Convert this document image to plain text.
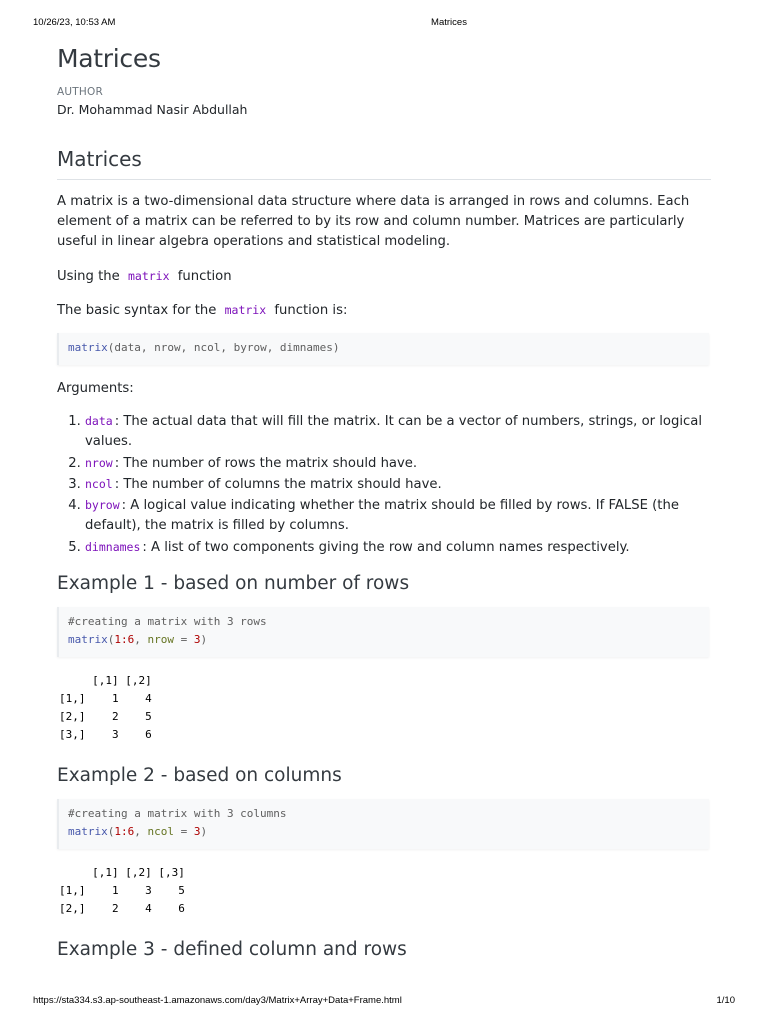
10/26/23, 10:53 AM	Matrices
Matrices
AUTHOR
Dr. Mohammad Nasir Abdullah
Matrices

A matrix is a two-dimensional data structure where data is arranged in rows and columns. Each element of a matrix can be referred to by its row and column number. Matrices are particularly useful in linear algebra operations and statistical modeling.

Using the matrix function

The basic syntax for the matrix function is:

matrix(data, nrow, ncol, byrow, dimnames)

Arguments:

1. data : The actual data that will fill the matrix. It can be a vector of numbers, strings, or logical values.
2. nrow : The number of rows the matrix should have.
3. ncol : The number of columns the matrix should have.
4. byrow : A logical value indicating whether the matrix should be filled by rows. If FALSE (the default), the matrix is filled by columns.
5. dimnames : A list of two components giving the row and column names respectively.
Example 1 - based on number of rows
#creating a matrix with 3 rows
matrix(1:6, nrow = 3)
[,1] [,2]
[1,]    1    4
[2,]    2    5
[3,]    3    6
Example 2 - based on columns
#creating a matrix with 3 columns
matrix(1:6, ncol = 3)
[,1] [,2] [,3]
[1,]    1    3    5
[2,]    2    4    6
Example 3 - defined column and rows
https://sta334.s3.ap-southeast-1.amazonaws.com/day3/Matrix+Array+Data+Frame.html	1/10
